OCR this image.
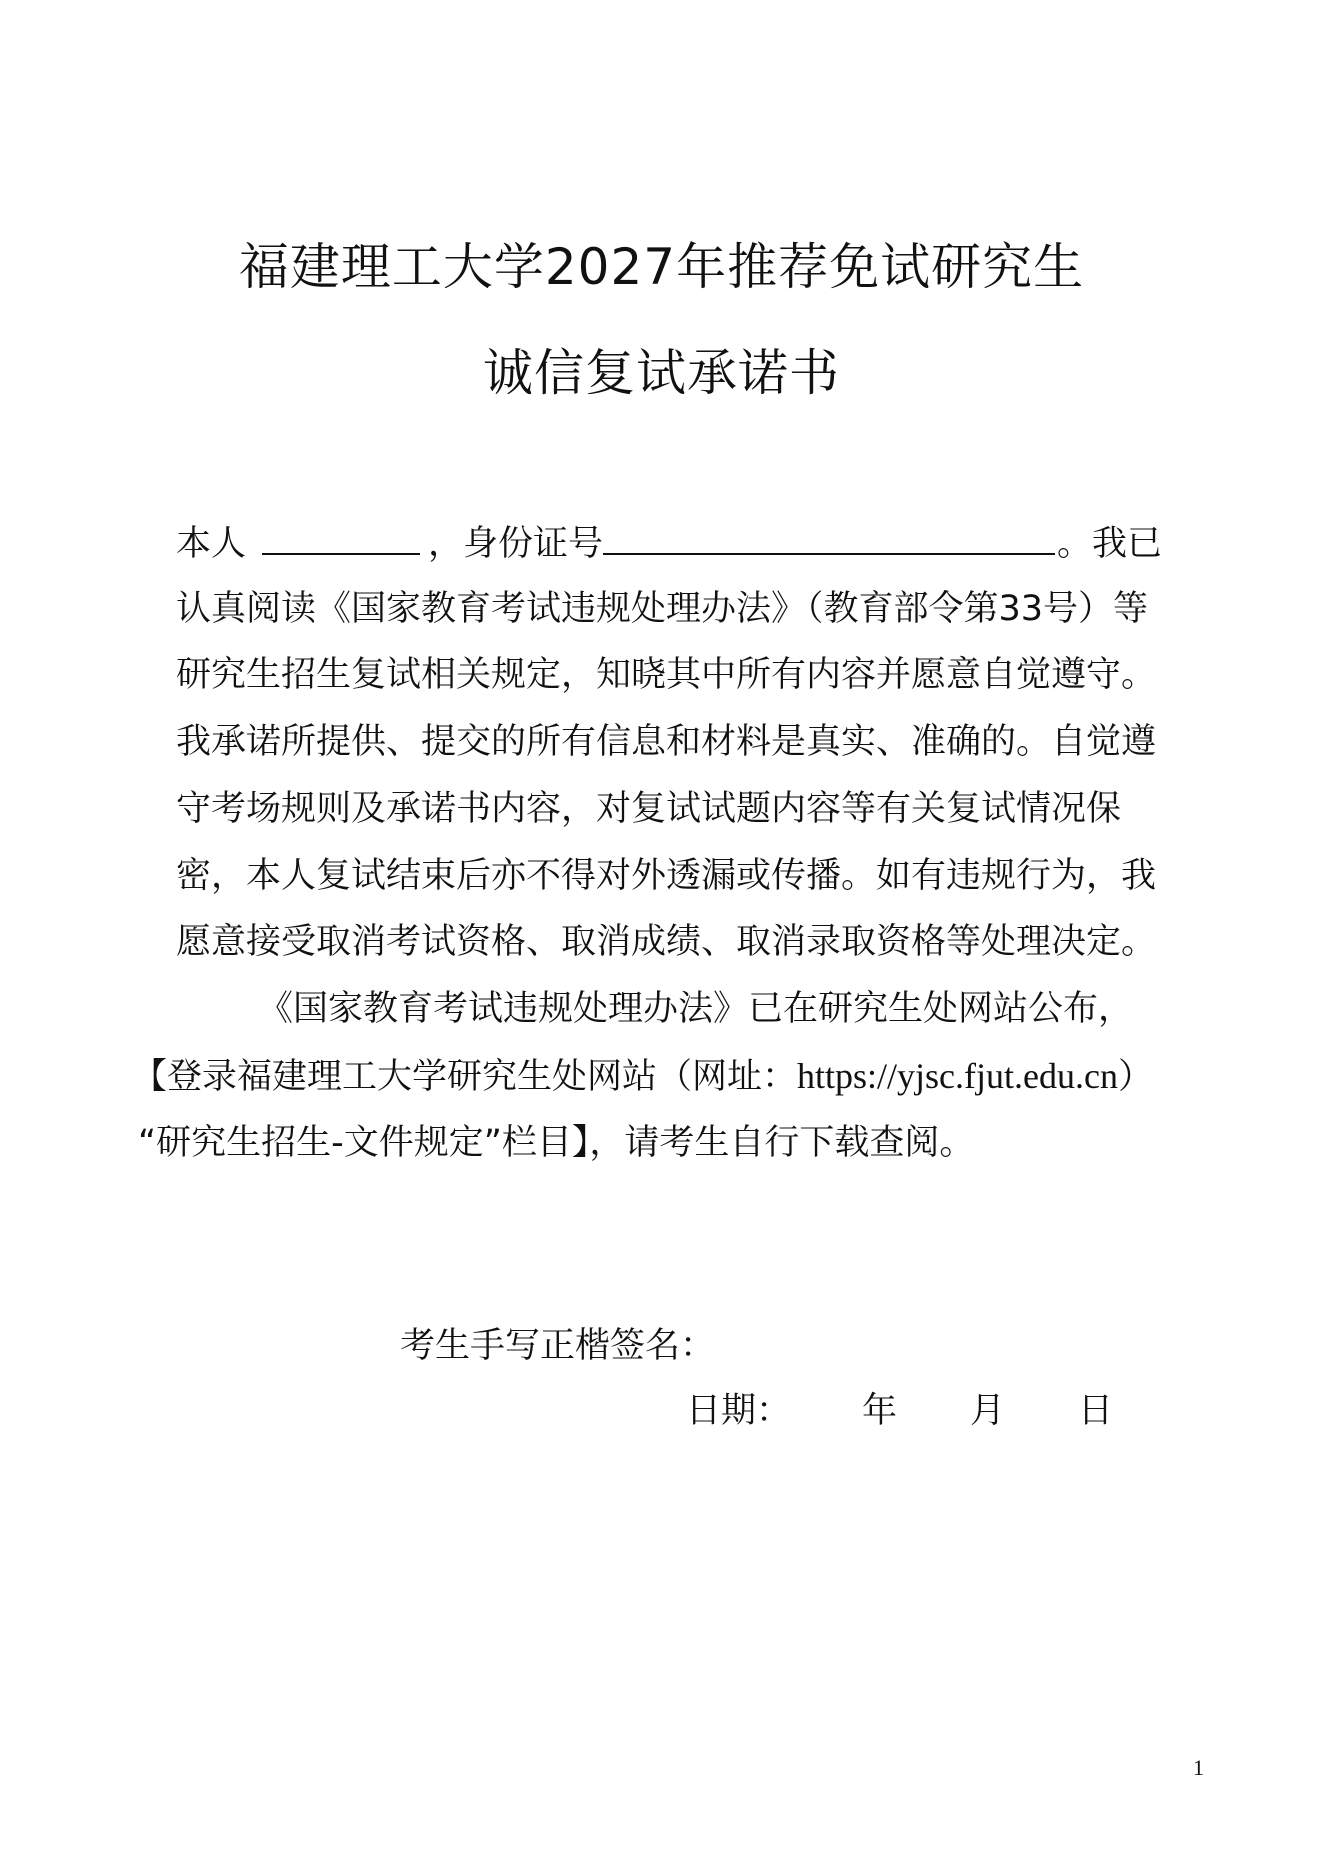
福建理工大学2027年推荐免试研究生
诚信复试承诺书
本人	，身份证号	。我已
认真阅读《国家教育考试违规处理办法》（教育部令第33号）等
研究生招生复试相关规定，知晓其中所有内容并愿意自觉遵守。
我承诺所提供、提交的所有信息和材料是真实、准确的。自觉遵
守考场规则及承诺书内容，对复试试题内容等有关复试情况保
密，本人复试结束后亦不得对外透漏或传播。如有违规行为，我
愿意接受取消考试资格、取消成绩、取消录取资格等处理决定。
《国家教育考试违规处理办法》已在研究生处网站公布，
【登录福建理工大学研究生处网站（网址：https://yjsc.fjut.edu.cn）
“研究生招生-文件规定”栏目】，请考生自行下载查阅。
考生手写正楷签名：
日期： 年 月 日
1
